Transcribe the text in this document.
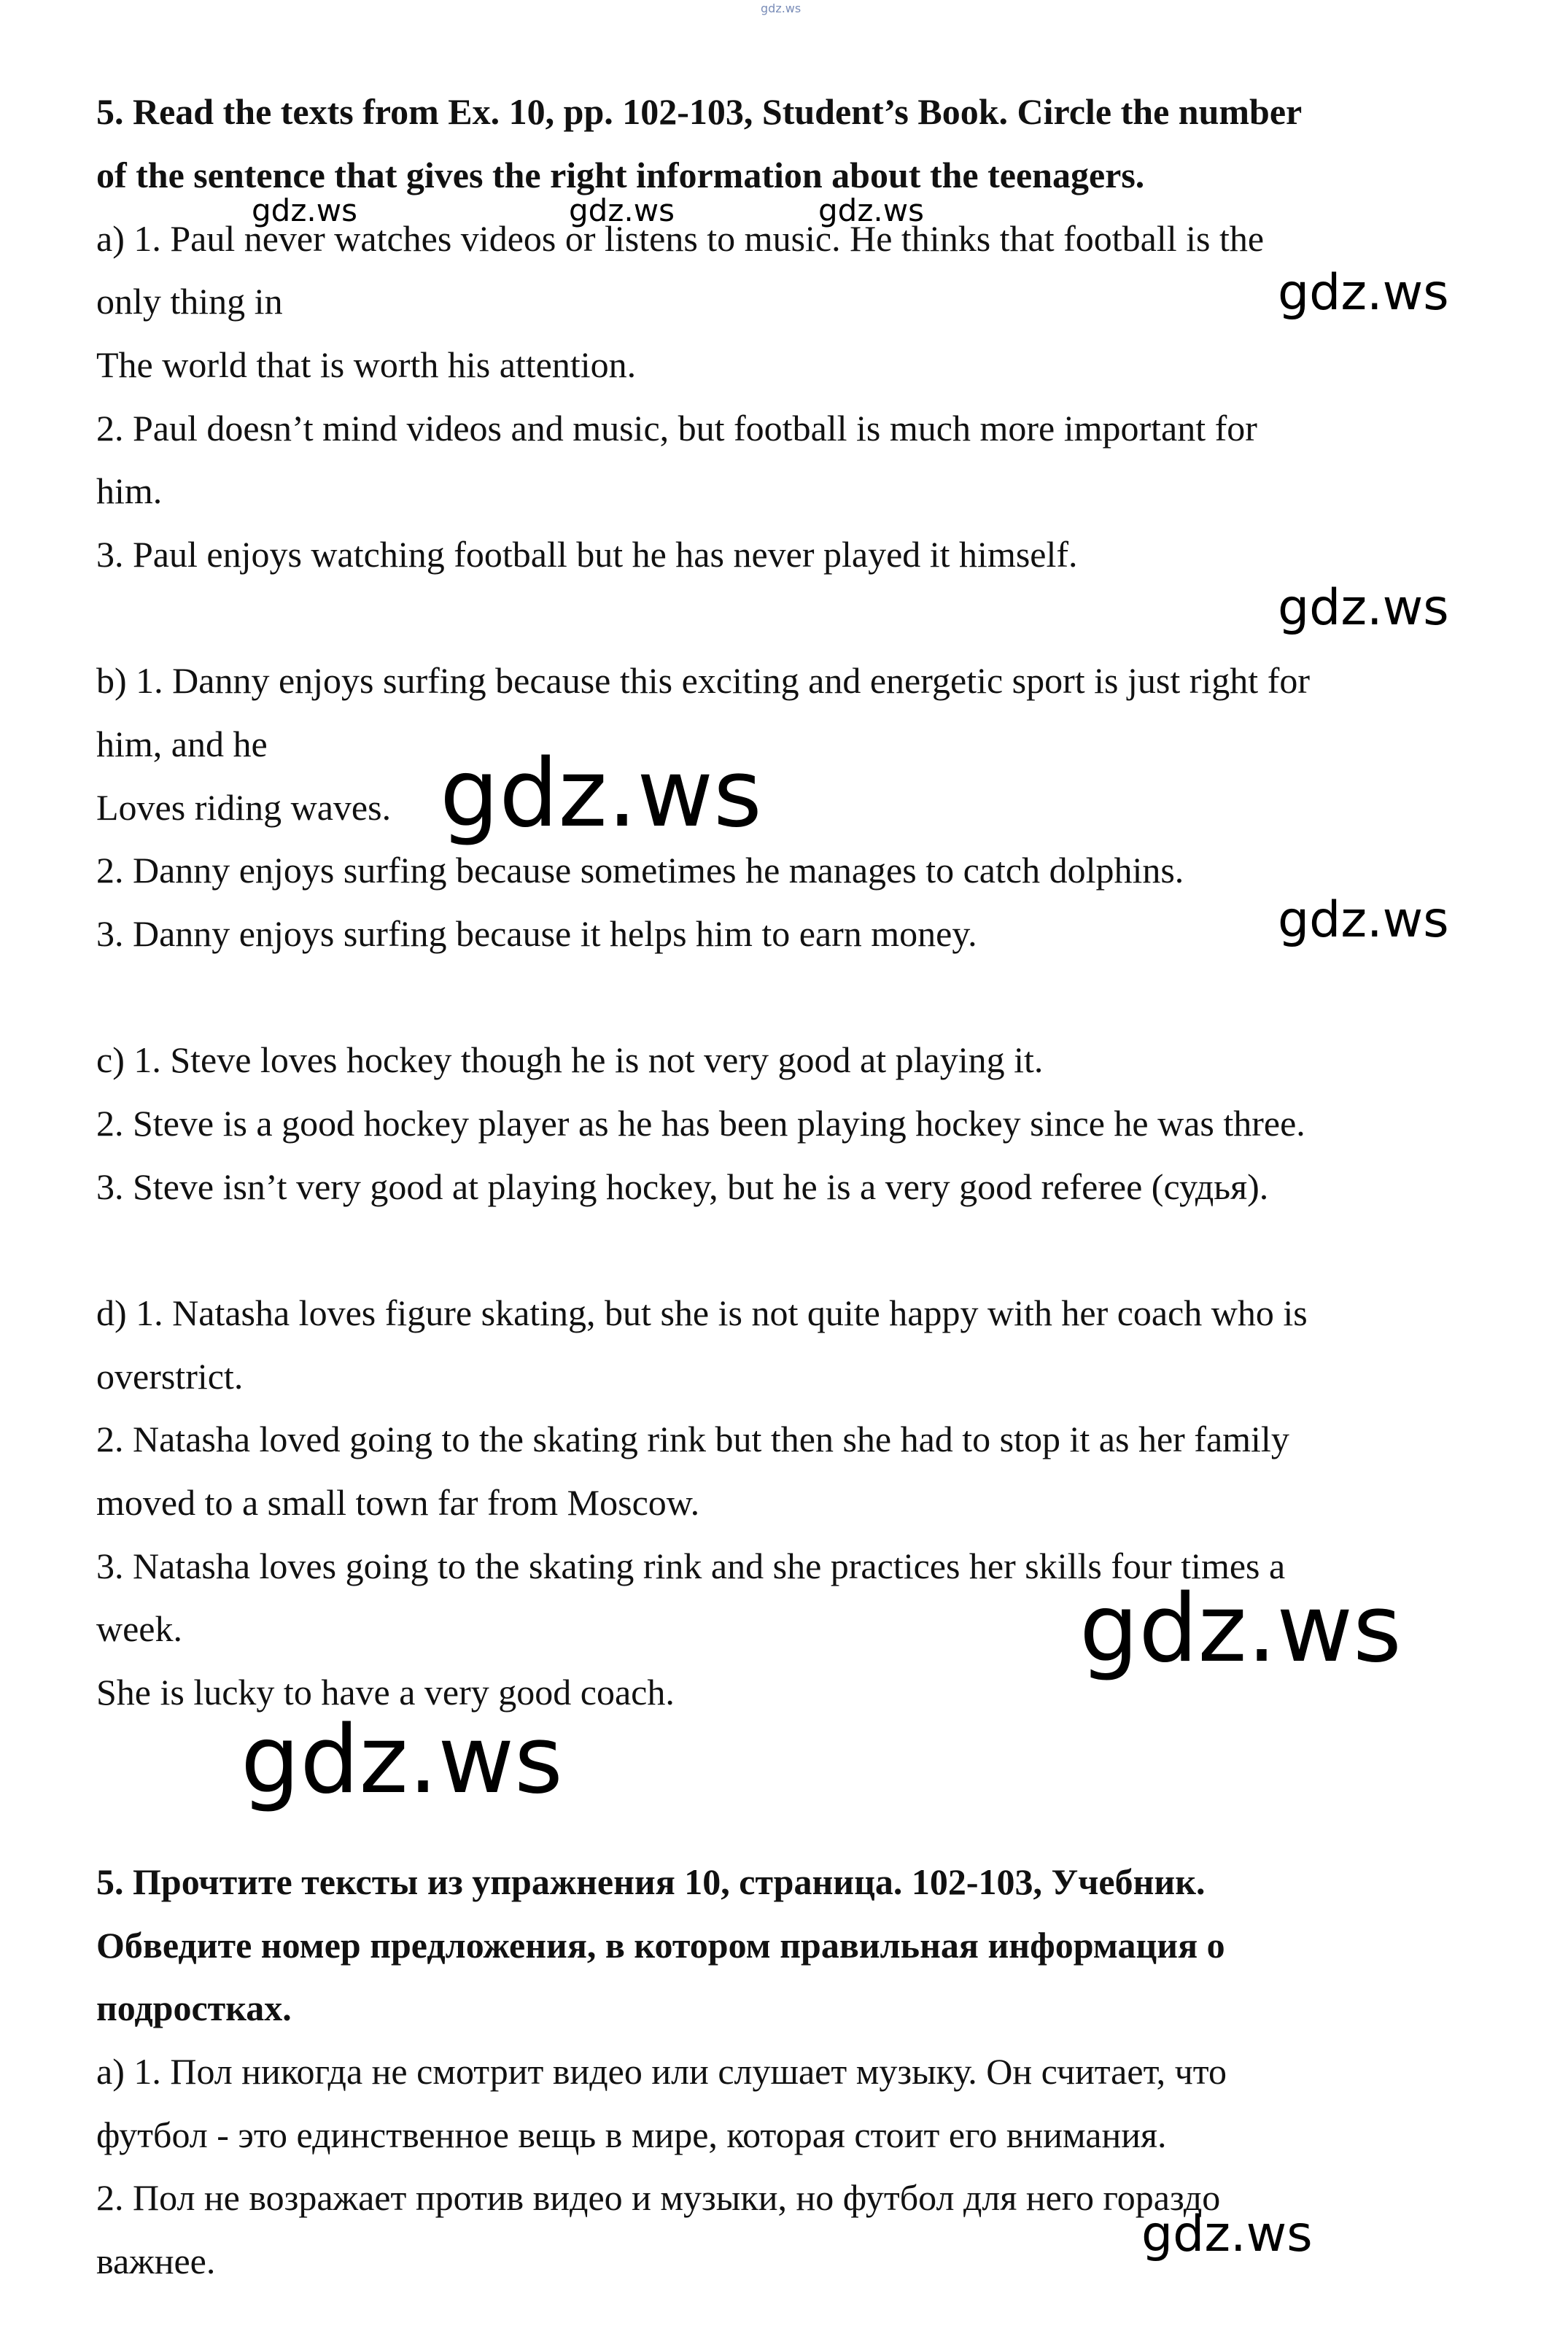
5. Read the texts from Ex. 10, pp. 102-103, Student’s Book. Circle the number
of the sentence that gives the right information about the teenagers.
a) 1. Paul never watches videos or listens to music. He thinks that football is the
only thing in
The world that is worth his attention.
2. Paul doesn’t mind videos and music, but football is much more important for
him.
3. Paul enjoys watching football but he has never played it himself.
b) 1. Danny enjoys surfing because this exciting and energetic sport is just right for
him, and he
Loves riding waves.
2. Danny enjoys surfing because sometimes he manages to catch dolphins.
3. Danny enjoys surfing because it helps him to earn money.
c) 1. Steve loves hockey though he is not very good at playing it.
2. Steve is a good hockey player as he has been playing hockey since he was three.
3. Steve isn’t very good at playing hockey, but he is a very good referee (судья).
d) 1. Natasha loves figure skating, but she is not quite happy with her coach who is
overstrict.
2. Natasha loved going to the skating rink but then she had to stop it as her family
moved to a small town far from Moscow.
3. Natasha loves going to the skating rink and she practices her skills four times a
week.
She is lucky to have a very good coach.
5. Прочтите тексты из упражнения 10, страница. 102-103, Учебник.
Обведите номер предложения, в котором правильная информация о
подростках.
а) 1. Пол никогда не смотрит видео или слушает музыку. Он считает, что
футбол - это единственное вещь в мире, которая стоит его внимания.
2. Пол не возражает против видео и музыки, но футбол для него гораздо
важнее.
gdz.ws
gdz.ws	gdz.ws	gdz.ws
gdz.ws
gdz.ws
gdz.ws
gdz.ws
gdz.ws
gdz.ws
gdz.ws
